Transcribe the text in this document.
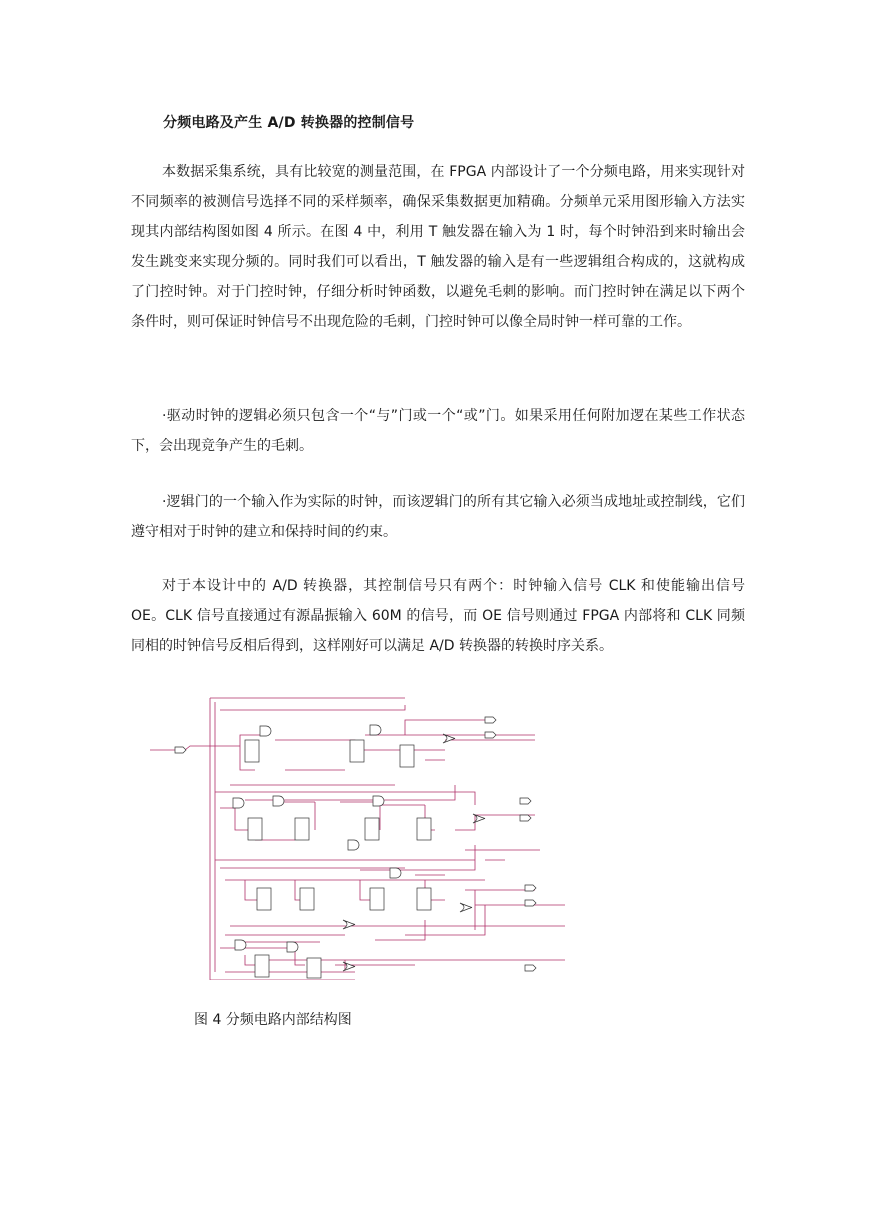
分频电路及产生 A/D 转换器的控制信号

本数据采集系统，具有比较宽的测量范围，在 FPGA 内部设计了一个分频电路，用来实现针对不同频率的被测信号选择不同的采样频率，确保采集数据更加精确。分频单元采用图形输入方法实现其内部结构图如图 4 所示。在图 4 中，利用 T 触发器在输入为 1 时，每个时钟沿到来时输出会发生跳变来实现分频的。同时我们可以看出，T 触发器的输入是有一些逻辑组合构成的，这就构成了门控时钟。对于门控时钟，仔细分析时钟函数，以避免毛刺的影响。而门控时钟在满足以下两个条件时，则可保证时钟信号不出现危险的毛刺，门控时钟可以像全局时钟一样可靠的工作。

·驱动时钟的逻辑必须只包含一个“与”门或一个“或”门。如果采用任何附加逻在某些工作状态下，会出现竞争产生的毛刺。

·逻辑门的一个输入作为实际的时钟，而该逻辑门的所有其它输入必须当成地址或控制线，它们遵守相对于时钟的建立和保持时间的约束。

对于本设计中的 A/D 转换器，其控制信号只有两个：时钟输入信号 CLK 和使能输出信号 OE。CLK 信号直接通过有源晶振输入 60M 的信号，而 OE 信号则通过 FPGA 内部将和 CLK 同频同相的时钟信号反相后得到，这样刚好可以满足 A/D 转换器的转换时序关系。

图 4 分频电路内部结构图
